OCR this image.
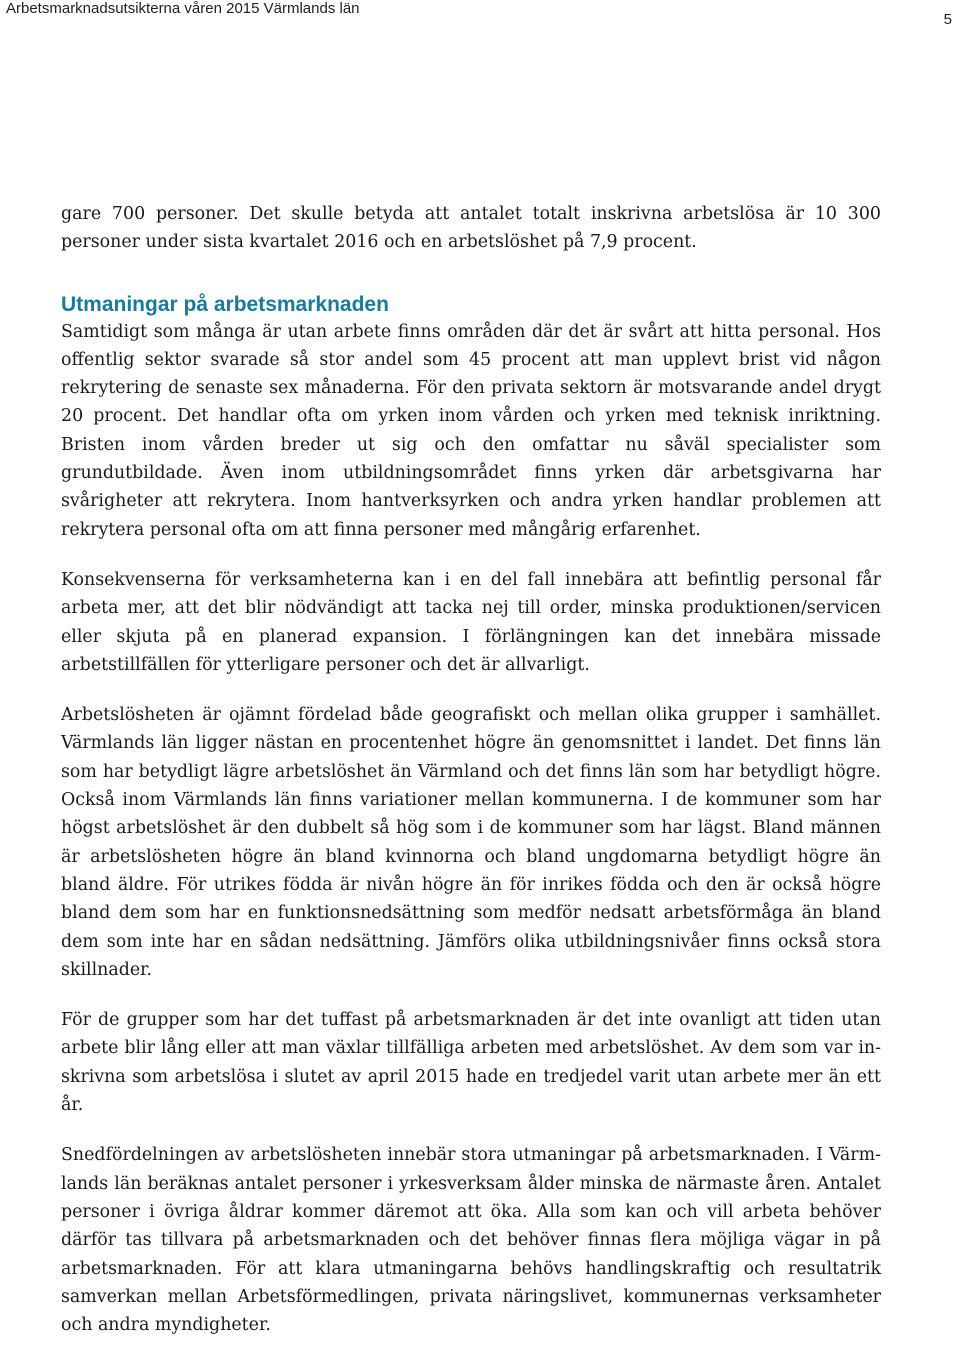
Arbetsmarknadsutsikterna våren 2015 Värmlands län
5

gare 700 personer. Det skulle betyda att antalet totalt inskrivna arbetslösa är 10 300 personer under sista kvartalet 2016 och en arbetslöshet på 7,9 procent.

Utmaningar på arbetsmarknaden

Samtidigt som många är utan arbete finns områden där det är svårt att hitta personal. Hos offentlig sektor svarade så stor andel som 45 procent att man upplevt brist vid någon rekrytering de senaste sex månaderna. För den privata sektorn är motsvarande andel drygt 20 procent. Det handlar ofta om yrken inom vården och yrken med teknisk inriktning. Bristen inom vården breder ut sig och den omfattar nu såväl specialister som grundutbildade. Även inom utbildningsområdet finns yrken där arbetsgivarna har svårigheter att rekrytera. Inom hantverksyrken och andra yrken handlar problemen att rekrytera personal ofta om att finna personer med mångårig erfarenhet.

Konsekvenserna för verksamheterna kan i en del fall innebära att befintlig personal får arbeta mer, att det blir nödvändigt att tacka nej till order, minska produktionen/servicen eller skjuta på en planerad expansion. I förlängningen kan det innebära missade arbetstillfällen för ytterligare personer och det är allvarligt.

Arbetslösheten är ojämnt fördelad både geografiskt och mellan olika grupper i samhället. Värmlands län ligger nästan en procentenhet högre än genomsnittet i landet. Det finns län som har betydligt lägre arbetslöshet än Värmland och det finns län som har betydligt högre. Också inom Värmlands län finns variationer mellan kommunerna. I de kommuner som har högst arbetslöshet är den dubbelt så hög som i de kommuner som har lägst. Bland männen är arbetslösheten högre än bland kvinnorna och bland ungdomarna betydligt högre än bland äldre. För utrikes födda är nivån högre än för inrikes födda och den är också högre bland dem som har en funktionsnedsättning som medför nedsatt arbetsförmåga än bland dem som inte har en sådan nedsättning. Jämförs olika utbildningsnivåer finns också stora skillnader.

För de grupper som har det tuffast på arbetsmarknaden är det inte ovanligt att tiden utan arbete blir lång eller att man växlar tillfälliga arbeten med arbetslöshet. Av dem som var inskrivna som arbetslösa i slutet av april 2015 hade en tredjedel varit utan arbete mer än ett år.

Snedfördelningen av arbetslösheten innebär stora utmaningar på arbetsmarknaden. I Värmlands län beräknas antalet personer i yrkesverksam ålder minska de närmaste åren. Antalet personer i övriga åldrar kommer däremot att öka. Alla som kan och vill arbeta behöver därför tas tillvara på arbetsmarknaden och det behöver finnas flera möjliga vägar in på arbetsmarknaden. För att klara utmaningarna behövs handlingskraftig och resultatrik samverkan mellan Arbetsförmedlingen, privata näringslivet, kommunernas verksamheter och andra myndigheter.
